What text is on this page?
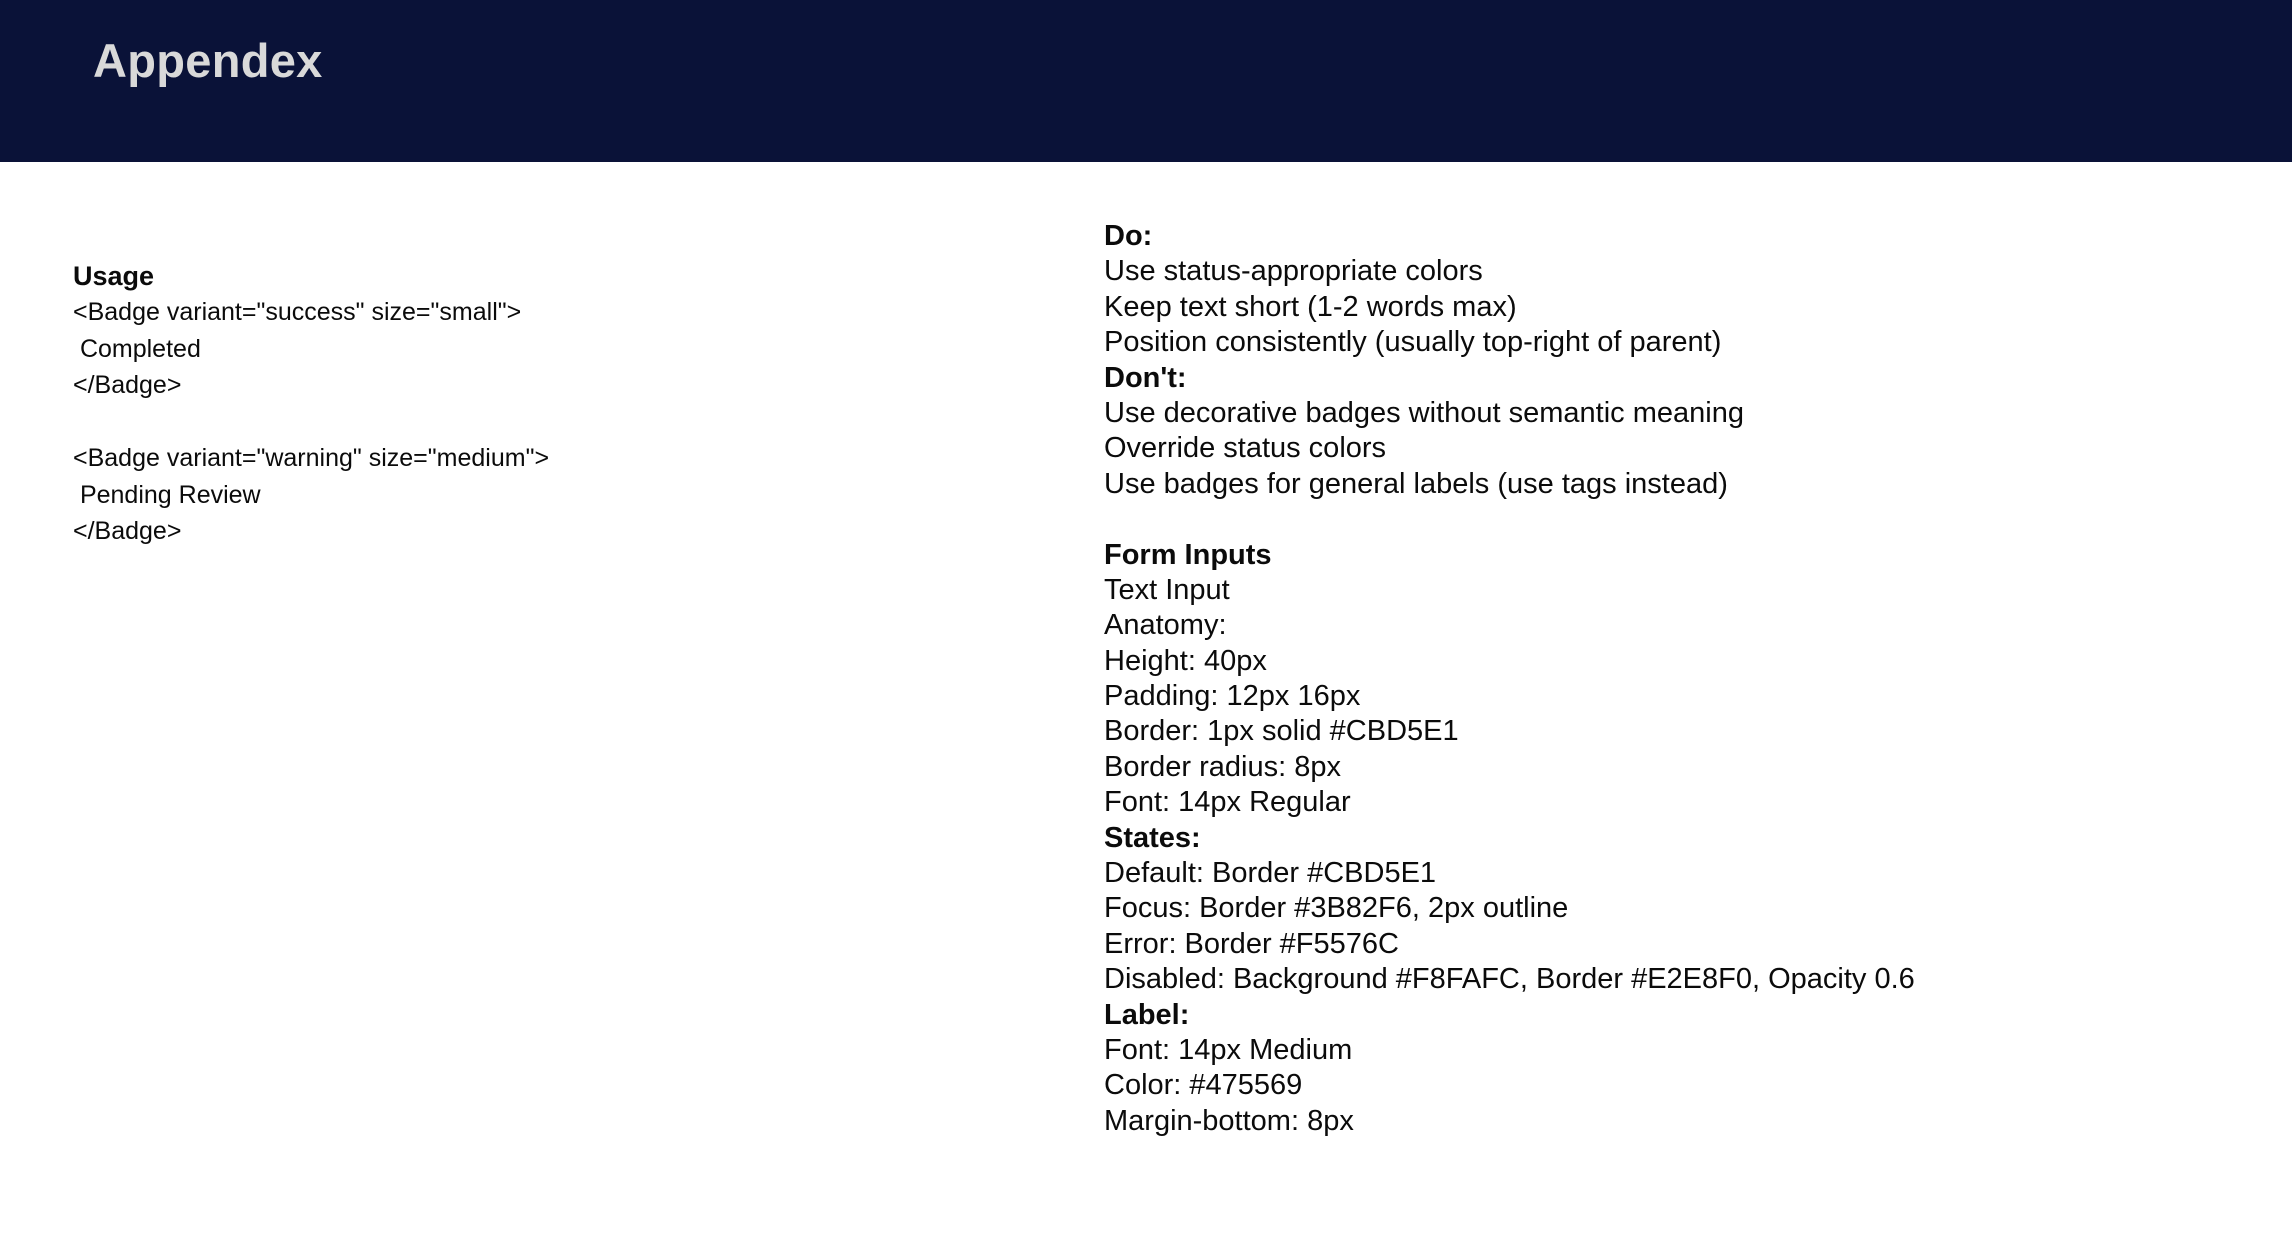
Appendex
Usage
<Badge variant="success" size="small">
Completed
</Badge>
<Badge variant="warning" size="medium">
Pending Review
</Badge>
Do:
Use status-appropriate colors
Keep text short (1-2 words max)
Position consistently (usually top-right of parent)
Don't:
Use decorative badges without semantic meaning
Override status colors
Use badges for general labels (use tags instead)
Form Inputs
Text Input
Anatomy:
Height: 40px
Padding: 12px 16px
Border: 1px solid #CBD5E1
Border radius: 8px
Font: 14px Regular
States:
Default: Border #CBD5E1
Focus: Border #3B82F6, 2px outline
Error: Border #F5576C
Disabled: Background #F8FAFC, Border #E2E8F0, Opacity 0.6
Label:
Font: 14px Medium
Color: #475569
Margin-bottom: 8px
